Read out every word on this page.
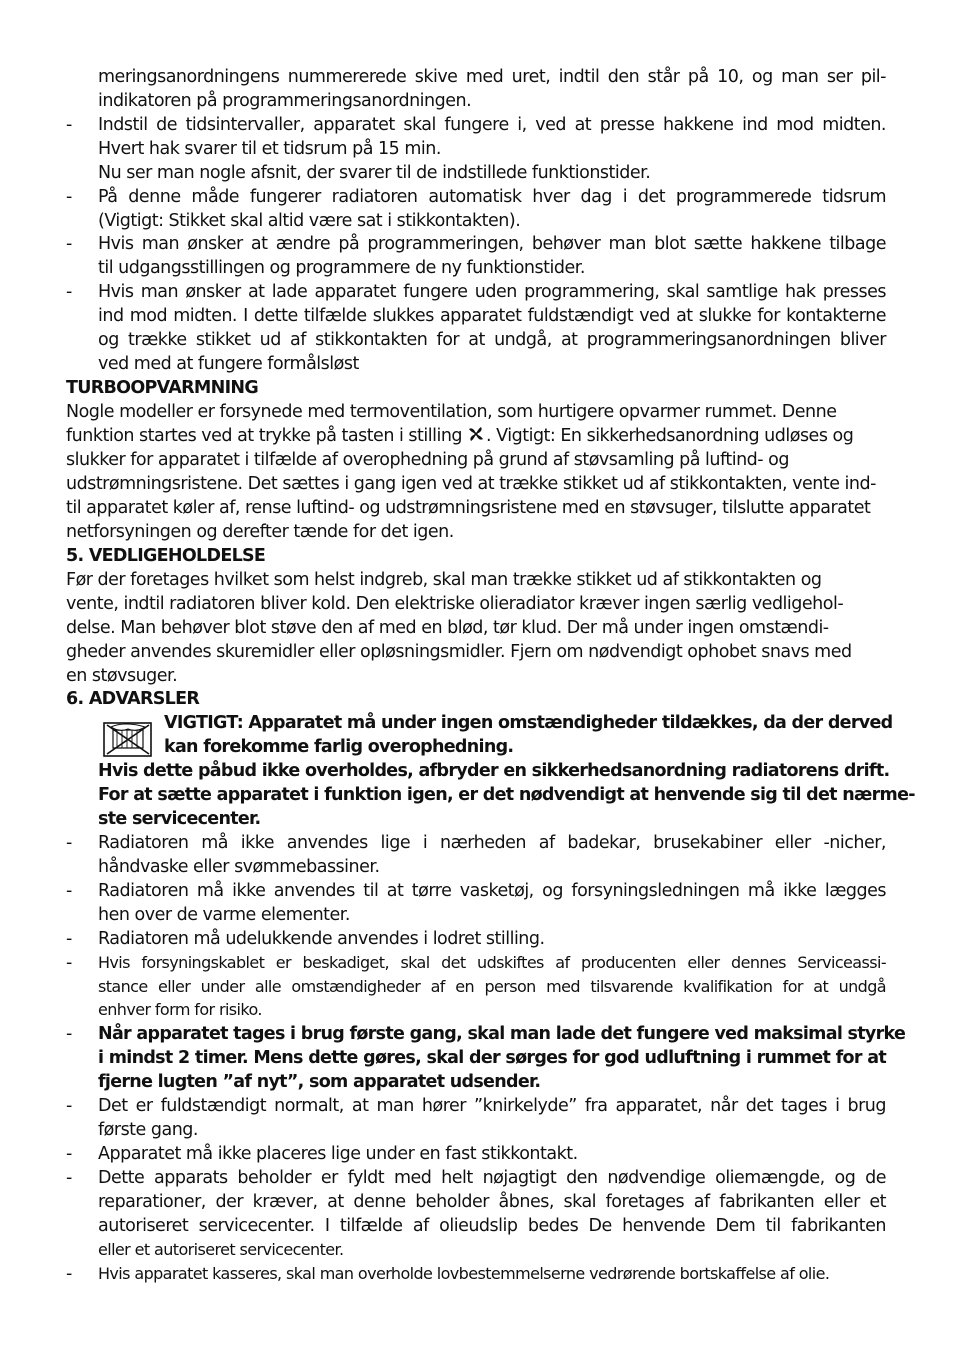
meringsanordningens nummererede skive med uret, indtil den står på 10, og man ser pil-
indikatoren på programmeringsanordningen.
Indstil de tidsintervaller, apparatet skal fungere i, ved at presse hakkene ind mod midten.
Hvert hak svarer til et tidsrum på 15 min.
Nu ser man nogle afsnit, der svarer til de indstillede funktionstider.
På denne måde fungerer radiatoren automatisk hver dag i det programmerede tidsrum
(Vigtigt: Stikket skal altid være sat i stikkontakten).
Hvis man ønsker at ændre på programmeringen, behøver man blot sætte hakkene tilbage
til udgangsstillingen og programmere de ny funktionstider.
Hvis man ønsker at lade apparatet fungere uden programmering, skal samtlige hak presses
ind mod midten. I dette tilfælde slukkes apparatet fuldstændigt ved at slukke for kontakterne
og trække stikket ud af stikkontakten for at undgå, at programmeringsanordningen bliver
ved med at fungere formålsløst
TURBOOPVARMNING
Nogle modeller er forsynede med termoventilation, som hurtigere opvarmer rummet. Denne
udstrømningsristene. Det sættes i gang igen ved at trække stikket ud af stikkontakten, vente ind-
til apparatet køler af, rense luftind- og udstrømningsristene med en støvsuger, tilslutte apparatet
netforsyningen og derefter tænde for det igen.
5. VEDLIGEHOLDELSE
Før der foretages hvilket som helst indgreb, skal man trække stikket ud af stikkontakten og
vente, indtil radiatoren bliver kold. Den elektriske olieradiator kræver ingen særlig vedligehol-
delse. Man behøver blot støve den af med en blød, tør klud. Der må under ingen omstændi-
gheder anvendes skuremidler eller opløsningsmidler. Fjern om nødvendigt ophobet snavs med
en støvsuger.
6. ADVARSLER
VIGTIGT: Apparatet må under ingen omstændigheder tildækkes, da der derved
kan forekomme farlig overophedning.
Hvis dette påbud ikke overholdes, afbryder en sikkerhedsanordning radiatorens drift.
For at sætte apparatet i funktion igen, er det nødvendigt at henvende sig til det nærme-
ste servicecenter.
Radiatoren må ikke anvendes lige i nærheden af badekar, brusekabiner eller -nicher,
håndvaske eller svømmebassiner.
Radiatoren må ikke anvendes til at tørre vasketøj, og forsyningsledningen må ikke lægges
hen over de varme elementer.
Radiatoren må udelukkende anvendes i lodret stilling.
Hvis forsyningskablet er beskadiget, skal det udskiftes af producenten eller dennes Serviceassi-
stance eller under alle omstændigheder af en person med tilsvarende kvalifikation for at undgå
enhver form for risiko.
Når apparatet tages i brug første gang, skal man lade det fungere ved maksimal styrke
i mindst 2 timer. Mens dette gøres, skal der sørges for god udluftning i rummet for at
fjerne lugten ”af nyt”, som apparatet udsender.
Det er fuldstændigt normalt, at man hører ”knirkelyde” fra apparatet, når det tages i brug
første gang.
Apparatet må ikke placeres lige under en fast stikkontakt.
Dette apparats beholder er fyldt med helt nøjagtigt den nødvendige oliemængde, og de
reparationer, der kræver, at denne beholder åbnes, skal foretages af fabrikanten eller et
autoriseret servicecenter. I tilfælde af olieudslip bedes De henvende Dem til fabrikanten
eller et autoriseret servicecenter.
Hvis apparatet kasseres, skal man overholde lovbestemmelserne vedrørende bortskaffelse af olie.
-
-
-
-
-
-
-
-
-
-
-
-
-
funktion startes ved at trykke på tasten i stilling . Vigtigt: En sikkerhedsanordning udløses og
slukker for apparatet i tilfælde af overophedning på grund af støvsamling på luftind- og
